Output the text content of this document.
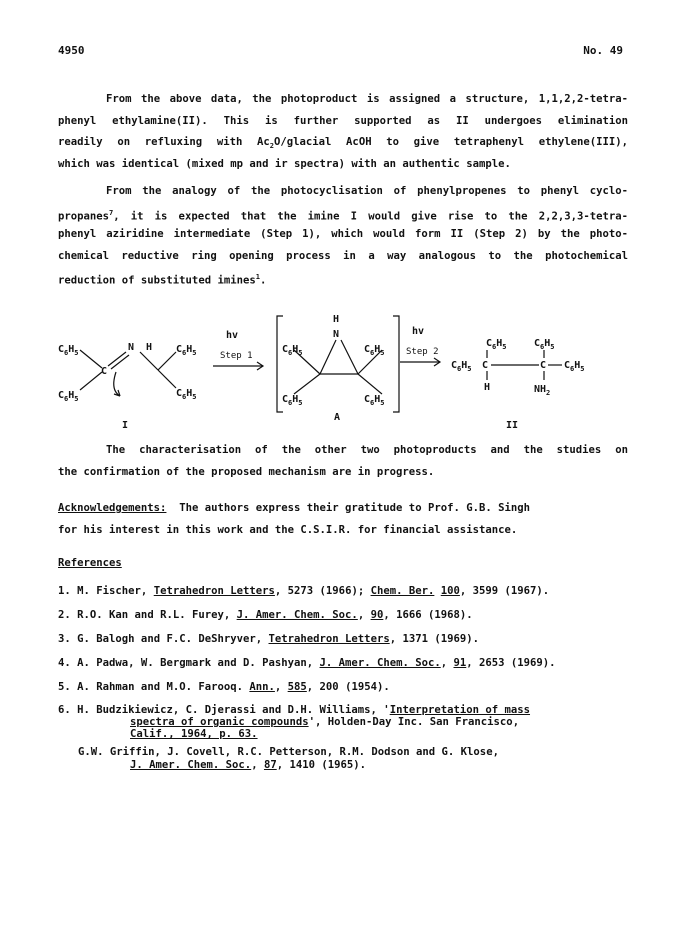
4950	No. 49
From the above data, the photoproduct is assigned a structure, 1,1,2,2-tetra-
phenyl ethylamine(II). This is further supported as II undergoes elimination
readily on refluxing with $Ac_2O$/glacial AcOH to give tetraphenyl ethylene(III),
which was identical (mixed mp and ir spectra) with an authentic sample.
From the analogy of the photocyclisation of phenylpropenes to phenyl cyclo-
propanes$^7$, it is expected that the imine I would give rise to the 2,2,3,3-tetra-
phenyl aziridine intermediate (Step 1), which would form II (Step 2) by the photo-
chemical reductive ring opening process in a way analogous to the photochemical
reduction of substituted imines$^1$.
$C_6H_5$
$C_6H_5$
C
N H $C_6H_5$
$C_6H_5$
I
hv
Step 1
H
N
$C_6H_5$	$C_6H_5$
$C_6H_5$	$C_6H_5$
A
hv
Step 2
$C_6H_5$	$C_6H_5$
$C_6H_5$ C	C $C_6H_5$
H	$NH_2$
II
The characterisation of the other two photoproducts and the studies on
the confirmation of the proposed mechanism are in progress.
Acknowledgements: The authors express their gratitude to Prof. G.B. Singh
for his interest in this work and the C.S.I.R. for financial assistance.
References
1. M. Fischer, Tetrahedron Letters, 5273 (1966); Chem. Ber. 100, 3599 (1967).
2. R.O. Kan and R.L. Furey, J. Amer. Chem. Soc., 90, 1666 (1968).
3. G. Balogh and F.C. DeShryver, Tetrahedron Letters, 1371 (1969).
4. A. Padwa, W. Bergmark and D. Pashyan, J. Amer. Chem. Soc., 91, 2653 (1969).
5. A. Rahman and M.O. Farooq. Ann., 585, 200 (1954).
6. H. Budzikiewicz, C. Djerassi and D.H. Williams, 'Interpretation of mass
spectra of organic compounds', Holden-Day Inc. San Francisco,
Calif., 1964, p. 63.
G.W. Griffin, J. Covell, R.C. Petterson, R.M. Dodson and G. Klose,
J. Amer. Chem. Soc., 87, 1410 (1965).
